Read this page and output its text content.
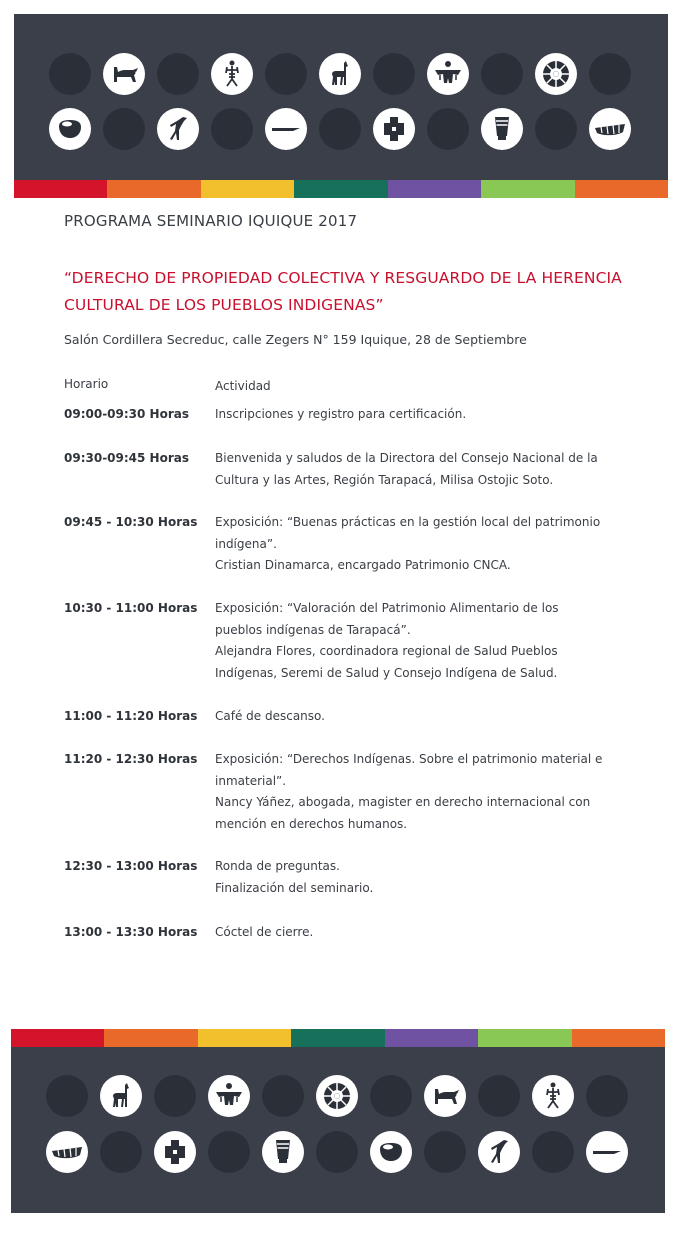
PROGRAMA SEMINARIO IQUIQUE 2017
“DERECHO DE PROPIEDAD COLECTIVA Y RESGUARDO DE LA HERENCIA
CULTURAL DE LOS PUEBLOS INDIGENAS”
Salón Cordillera Secreduc, calle Zegers N° 159 Iquique, 28 de Septiembre
Horario	Actividad
09:00-09:30 Horas Inscripciones y registro para certificación.
09:30-09:45 Horas Bienvenida y saludos de la Directora del Consejo Nacional de la
Cultura y las Artes, Región Tarapacá, Milisa Ostojic Soto.
09:45 - 10:30 Horas Exposición: “Buenas prácticas en la gestión local del patrimonio
indígena”.
Cristian Dinamarca, encargado Patrimonio CNCA.
10:30 - 11:00 Horas Exposición: “Valoración del Patrimonio Alimentario de los
pueblos indígenas de Tarapacá”.
Alejandra Flores, coordinadora regional de Salud Pueblos
Indígenas, Seremi de Salud y Consejo Indígena de Salud.
11:00 - 11:20 Horas Café de descanso.
11:20 - 12:30 Horas Exposición: “Derechos Indígenas. Sobre el patrimonio material e
inmaterial”.
Nancy Yáñez, abogada, magister en derecho internacional con
mención en derechos humanos.
12:30 - 13:00 Horas Ronda de preguntas.
Finalización del seminario.
13:00 - 13:30 Horas Cóctel de cierre.
